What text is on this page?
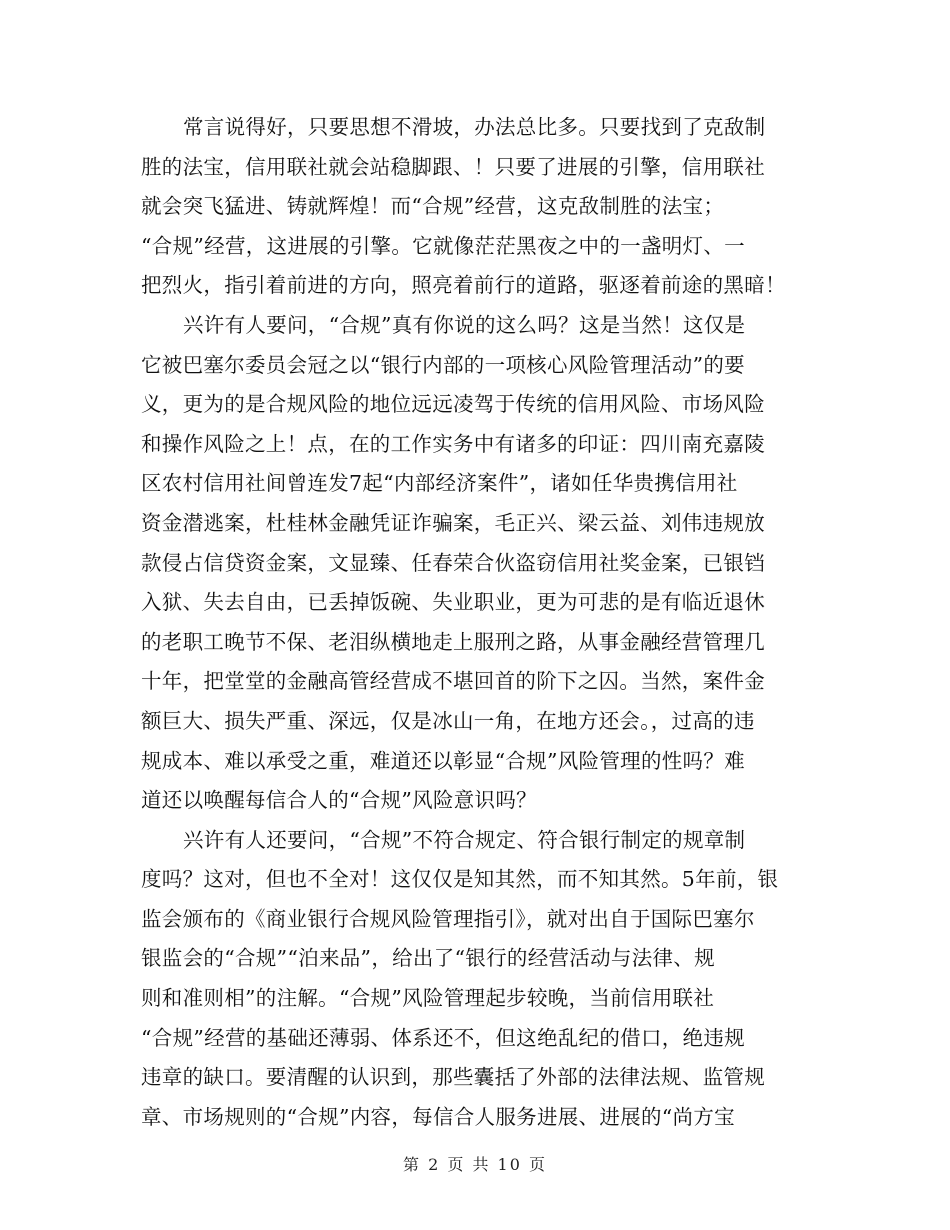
常言说得好，只要思想不滑坡，办法总比多。只要找到了克敌制
胜的法宝，信用联社就会站稳脚跟、！只要了进展的引擎，信用联社
就会突飞猛进、铸就辉煌！而“合规”经营，这克敌制胜的法宝；
“合规”经营，这进展的引擎。它就像茫茫黑夜之中的一盏明灯、一
把烈火，指引着前进的方向，照亮着前行的道路，驱逐着前途的黑暗！
兴许有人要问，“合规”真有你说的这么吗？这是当然！这仅是
它被巴塞尔委员会冠之以“银行内部的一项核心风险管理活动”的要
义，更为的是合规风险的地位远远凌驾于传统的信用风险、市场风险
和操作风险之上！点，在的工作实务中有诸多的印证：四川南充嘉陵
区农村信用社间曾连发7起“内部经济案件”，诸如任华贵携信用社
资金潜逃案，杜桂林金融凭证诈骗案，毛正兴、梁云益、刘伟违规放
款侵占信贷资金案，文显臻、任春荣合伙盗窃信用社奖金案，已银铛
入狱、失去自由，已丢掉饭碗、失业职业，更为可悲的是有临近退休
的老职工晚节不保、老泪纵横地走上服刑之路，从事金融经营管理几
十年，把堂堂的金融高管经营成不堪回首的阶下之囚。当然，案件金
额巨大、损失严重、深远，仅是冰山一角，在地方还会。，过高的违
规成本、难以承受之重，难道还以彰显“合规”风险管理的性吗？难
道还以唤醒每信合人的“合规”风险意识吗？
兴许有人还要问，“合规”不符合规定、符合银行制定的规章制
度吗？这对，但也不全对！这仅仅是知其然，而不知其然。5年前，银
监会颁布的《商业银行合规风险管理指引》，就对出自于国际巴塞尔
银监会的“合规”“泊来品”，给出了“银行的经营活动与法律、规
则和准则相”的注解。“合规”风险管理起步较晚，当前信用联社
“合规”经营的基础还薄弱、体系还不，但这绝乱纪的借口，绝违规
违章的缺口。要清醒的认识到，那些囊括了外部的法律法规、监管规
章、市场规则的“合规”内容，每信合人服务进展、进展的“尚方宝
第 2 页 共 10 页
